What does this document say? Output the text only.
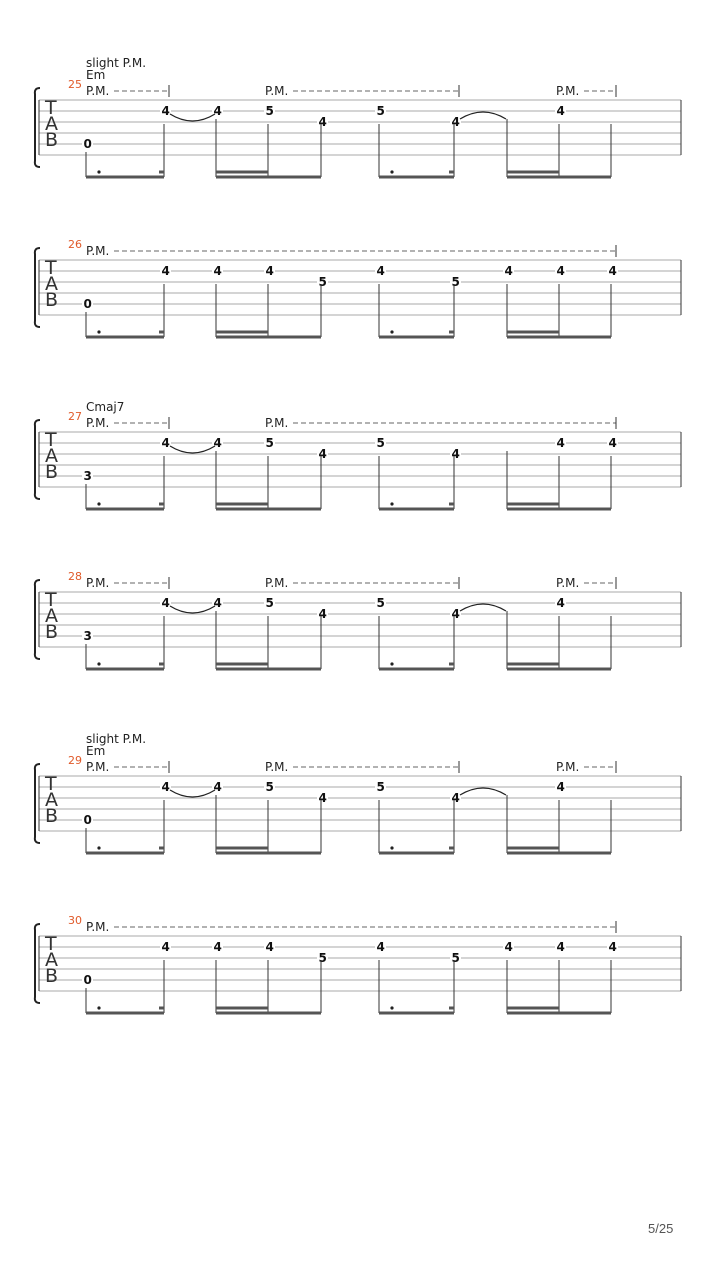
25
slight P.M.
Em
P.M.	P.M.	P.M.
T
A
B 0
4	4	5
4
5
4
4
26 P.M.
T
A
B 0
4	4	4
5
4
5
4	4	4
27
Cmaj7
P.M.	P.M.
T
A
B 3
4	4	5
4
5
4
4	4
28 P.M.	P.M.	P.M.
T
A
B 3
4	4	5
4
5
4
4
29
slight P.M.
Em
P.M.	P.M.	P.M.
T
A
B 0
4	4	5
4
5
4
4
30 P.M.
T
A
B 0
4	4	4
5
4
5
4	4	4
5/25
